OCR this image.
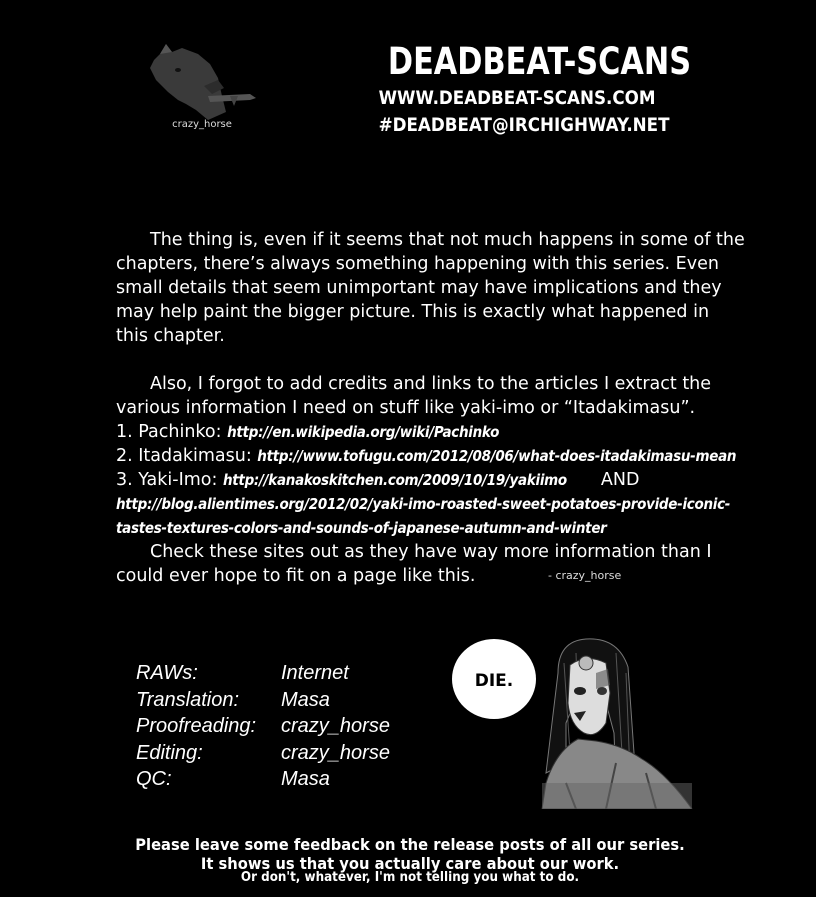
crazy_horse
DEADBEAT-SCANS
WWW.DEADBEAT-SCANS.COM
#DEADBEAT@IRCHIGHWAY.NET

The thing is, even if it seems that not much happens in some of the chapters, there’s always something happening with this series. Even small details that seem unimportant may have implications and they may help paint the bigger picture. This is exactly what happened in this chapter.

Also, I forgot to add credits and links to the articles I extract the various information I need on stuff like yaki-imo or “Itadakimasu”.

1. Pachinko: http://en.wikipedia.org/wiki/Pachinko

2. Itadakimasu: http://www.tofugu.com/2012/08/06/what-does-itadakimasu-mean

3. Yaki-Imo: http://kanakoskitchen.com/2009/10/19/yakiimo AND

http://blog.alientimes.org/2012/02/yaki-imo-roasted-sweet-potatoes-provide-iconic-

tastes-textures-colors-and-sounds-of-japanese-autumn-and-winter

Check these sites out as they have way more information than I could ever hope to fit on a page like this.	- crazy_horse
RAWs:	Internet
Translation:	Masa
Proofreading:	crazy_horse
Editing:	crazy_horse
QC:	Masa
DIE.
Please leave some feedback on the release posts of all our series.
It shows us that you actually care about our work.
Or don't, whatever, I'm not telling you what to do.
